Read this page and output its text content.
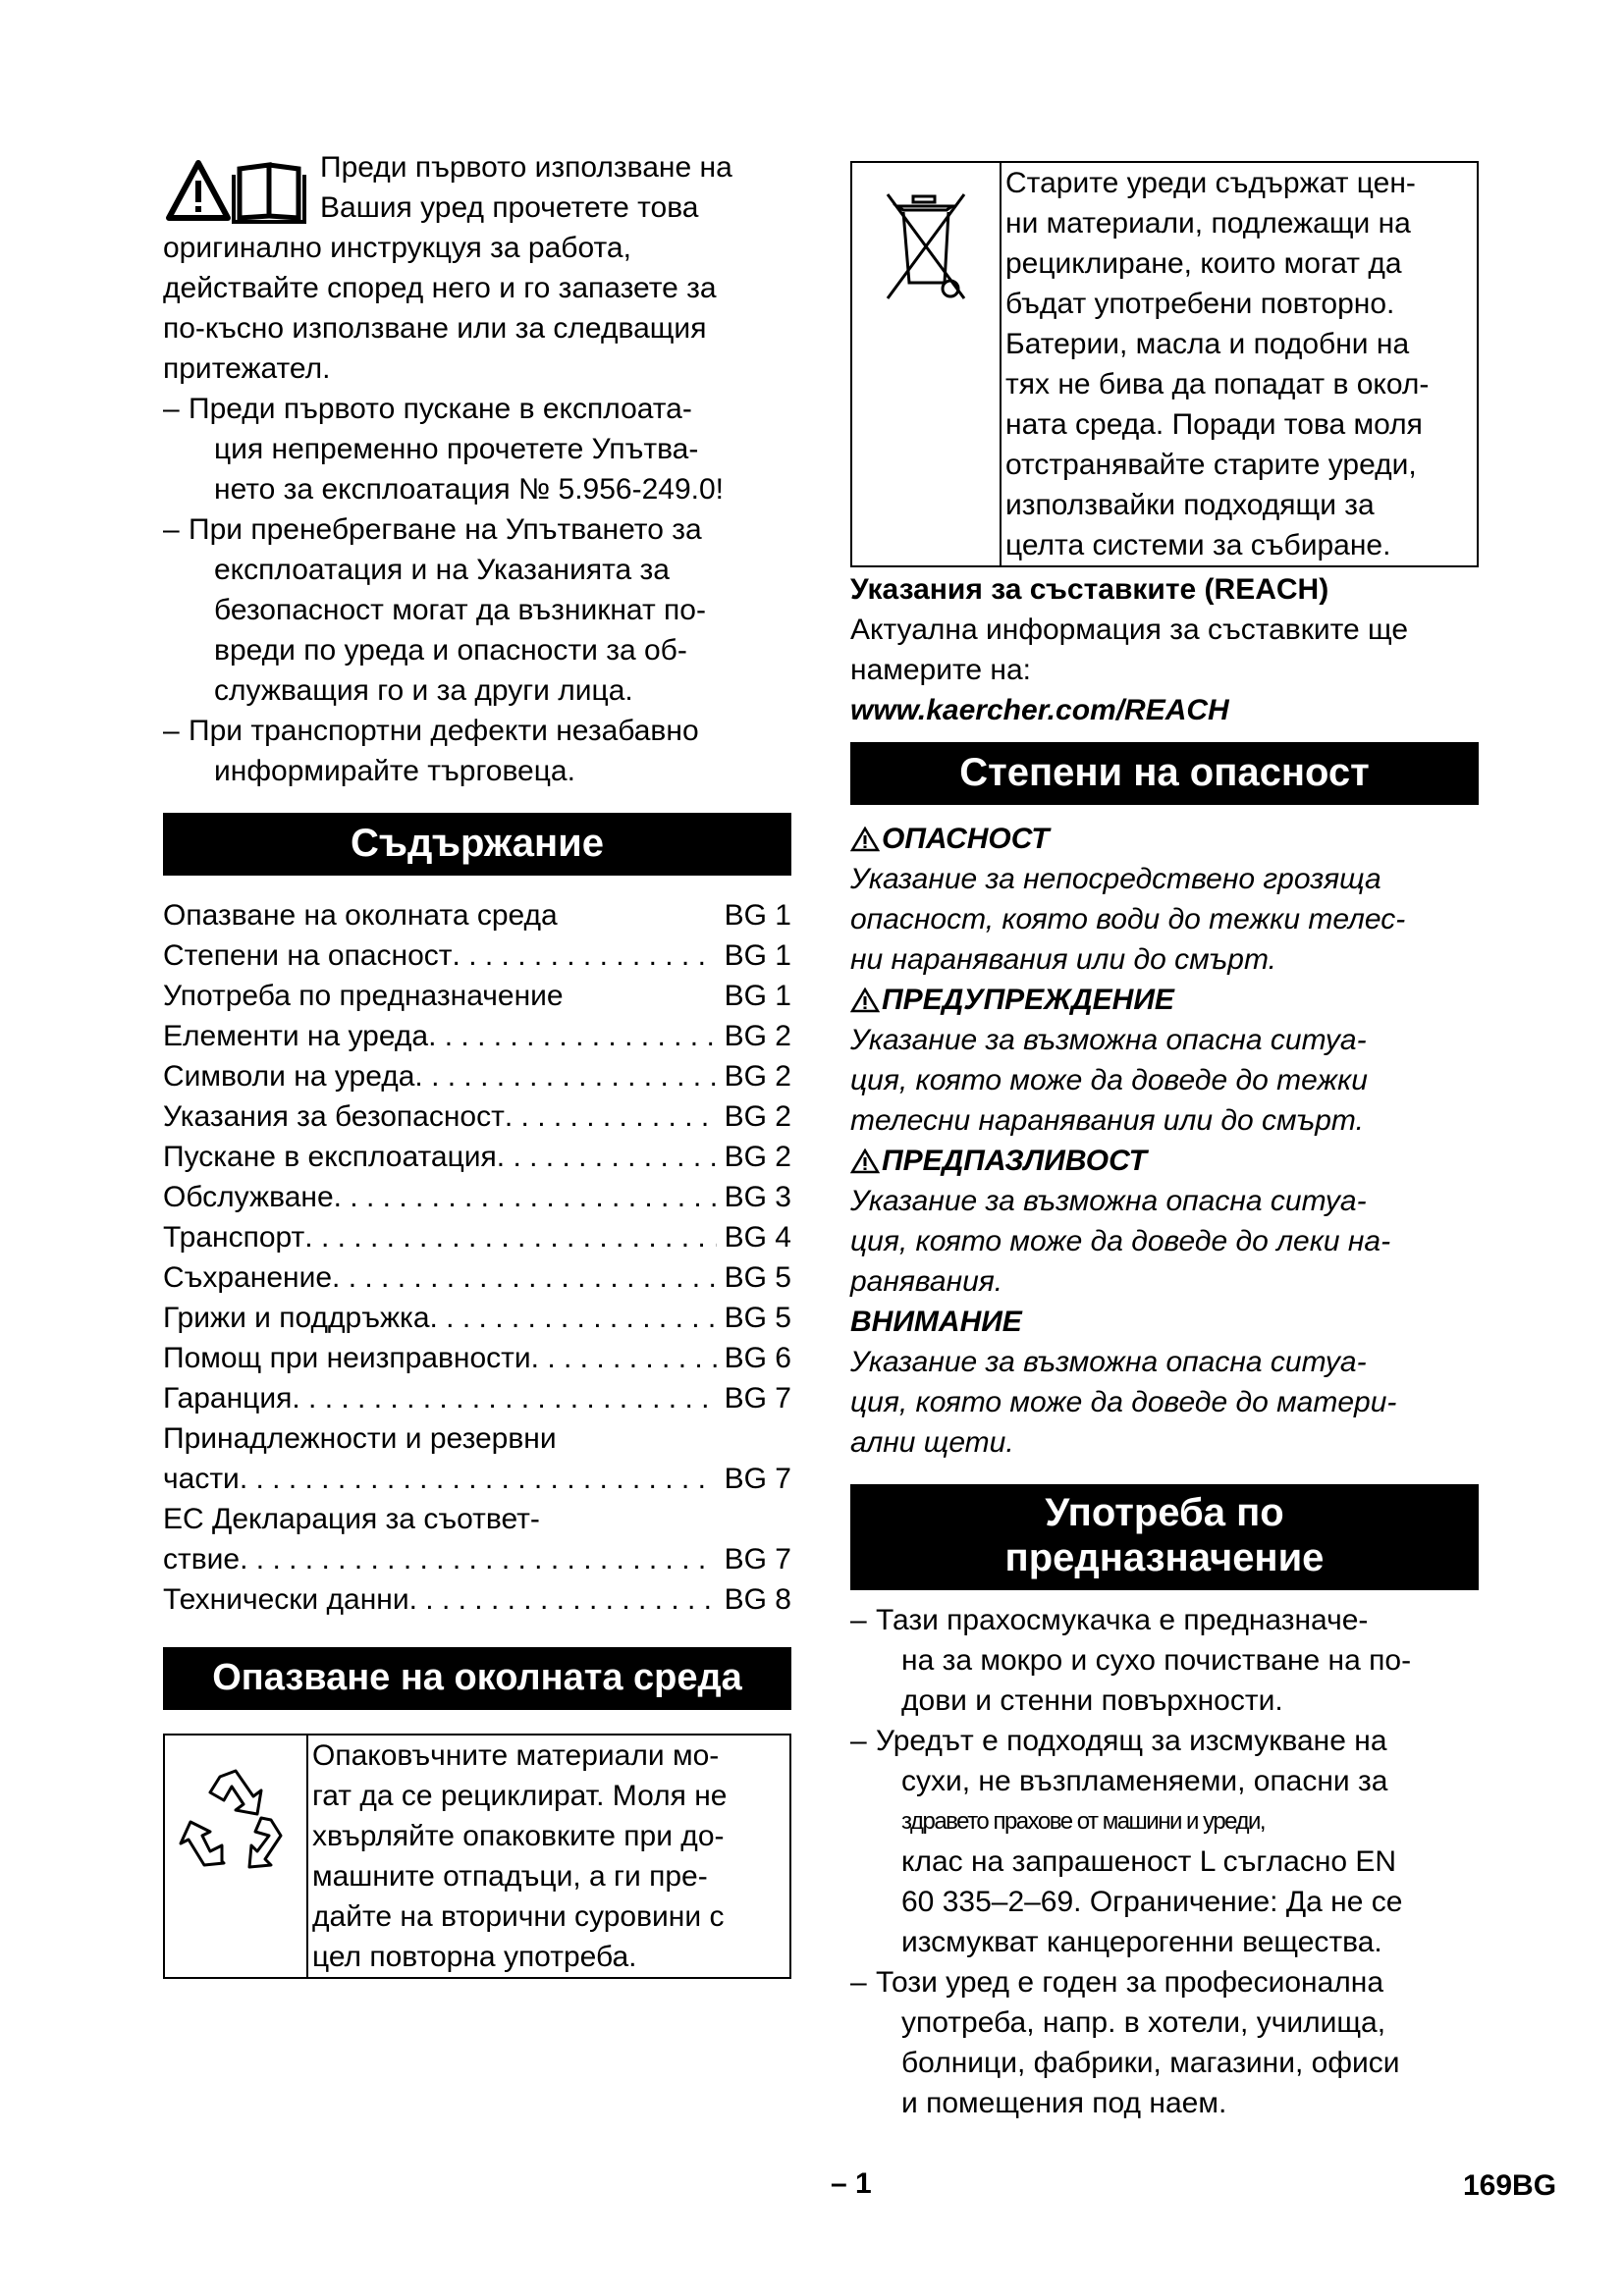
Преди първото използване на

Вашия уред прочетете това

оригинално инструкцуя за работа,

действайте според него и го запазете за

по-късно използване или за следващия

притежател.

– Преди първото пускане в експлоата-
ция непременно прочетете Упътва-
нето за експлоатация № 5.956-249.0!
– При пренебрегване на Упътването за
експлоатация и на Указанията за
безопасност могат да възникнат по-
вреди по уреда и опасности за об-
служващия го и за други лица.
– При транспортни дефекти незабавно
информирайте търговеца.
Съдържание
Опазване на околната среда	BG 1
Степени на опасност . . .	BG 1
Употреба по предназначение	BG 1
Елементи на уреда . . .	BG 2
Символи на уреда . . .	BG 2
Указания за безопасност . . .	BG 2
Пускане в експлоатация . . .	BG 2
Обслужване . . .	BG 3
Транспорт . . .	BG 4
Съхранение . . .	BG 5
Грижи и поддръжка . . .	BG 5
Помощ при неизправности . . .	BG 6
Гаранция . . .	BG 7
Принадлежности и резервни
части . . .	BG 7
ЕС Декларация за съответ-
ствие . . .	BG 7
Технически данни . . .	BG 8
Опазване на околната среда
Опаковъчните материали мо-
гат да се рециклират. Моля не
хвърляйте опаковките при до-
машните отпадъци, а ги пре-
дайте на вторични суровини с
цел повторна употреба.
Старите уреди съдържат цен-
ни материали, подлежащи на
рециклиране, които могат да
бъдат употребени повторно.
Батерии, масла и подобни на
тях не бива да попадат в окол-
ната среда. Поради това моля
отстранявайте старите уреди,
използвайки подходящи за
целта системи за събиране.

Указания за съставките (REACH)

Актуална информация за съставките ще

намерите на:

www.kaercher.com/REACH

Степени на опасност
ОПАСНОСТ
Указание за непосредствено грозяща
опасност, която води до тежки телес-
ни наранявания или до смърт.
ПРЕДУПРЕЖДЕНИЕ
Указание за възможна опасна ситуа-
ция, която може да доведе до тежки
телесни наранявания или до смърт.
ПРЕДПАЗЛИВОСТ
Указание за възможна опасна ситуа-
ция, която може да доведе до леки на-
ранявания.
ВНИМАНИЕ
Указание за възможна опасна ситуа-
ция, която може да доведе до матери-
ални щети.
Употреба по
предназначение
– Тази прахосмукачка е предназначе-
на за мокро и сухо почистване на по-
дови и стенни повърхности.
– Уредът е подходящ за изсмукване на
сухи, не възпламеняеми, опасни за
здравето прахове от машини и уреди,
клас на запрашеност L съгласно EN
60 335–2–69. Ограничение: Да не се
изсмукват канцерогенни вещества.
– Този уред е годен за професионална
употреба, напр. в хотели, училища,
болници, фабрики, магазини, офиси
и помещения под наем.
– 1	169BG
